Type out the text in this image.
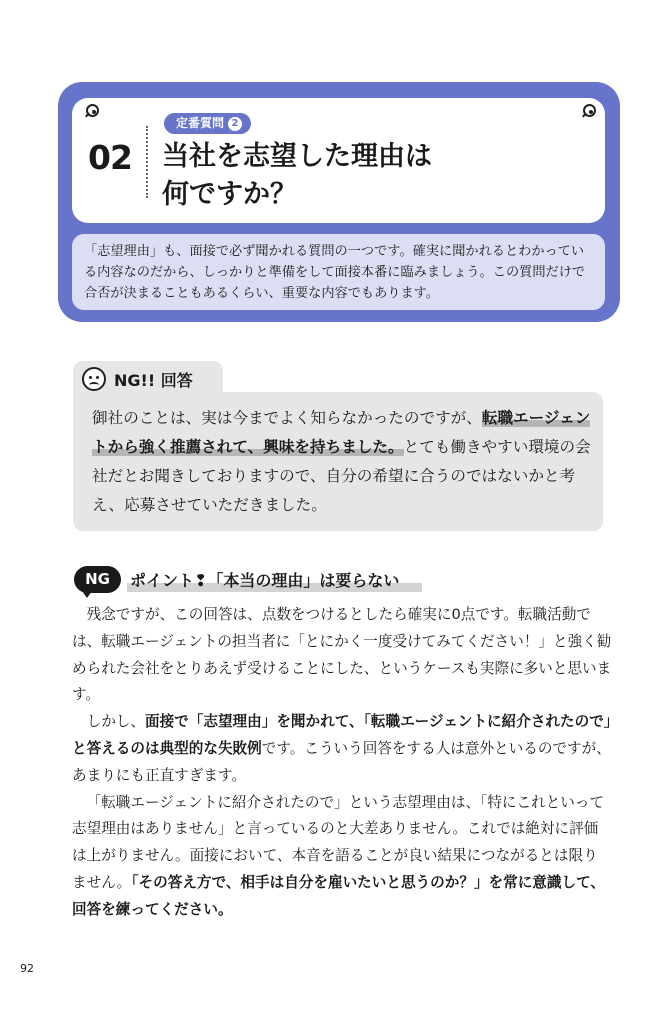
定番質問 2
02 当社を志望した理由は
何ですか？
「志望理由」も、面接で必ず聞かれる質問の一つです。確実に聞かれるとわかっている内容なのだから、しっかりと準備をして面接本番に臨みましょう。この質問だけで合否が決まることもあるくらい、重要な内容でもあります。
NG!! 回答
御社のことは、実は今までよく知らなかったのですが、転職エージェントから強く推薦されて、興味を持ちました。とても働きやすい環境の会社だとお聞きしておりますので、自分の希望に合うのではないかと考え、応募させていただきました。
NG	ポイント❢「本当の理由」は要らない

残念ですが、この回答は、点数をつけるとしたら確実に0点です。転職活動では、転職エージェントの担当者に「とにかく一度受けてみてください！」と強く勧められた会社をとりあえず受けることにした、というケースも実際に多いと思います。

しかし、面接で「志望理由」を聞かれて、「転職エージェントに紹介されたので」と答えるのは典型的な失敗例です。こういう回答をする人は意外といるのですが、あまりにも正直すぎます。

「転職エージェントに紹介されたので」という志望理由は、「特にこれといって志望理由はありません」と言っているのと大差ありません。これでは絶対に評価は上がりません。面接において、本音を語ることが良い結果につながるとは限りません。「その答え方で、相手は自分を雇いたいと思うのか？」を常に意識して、回答を練ってください。

92
